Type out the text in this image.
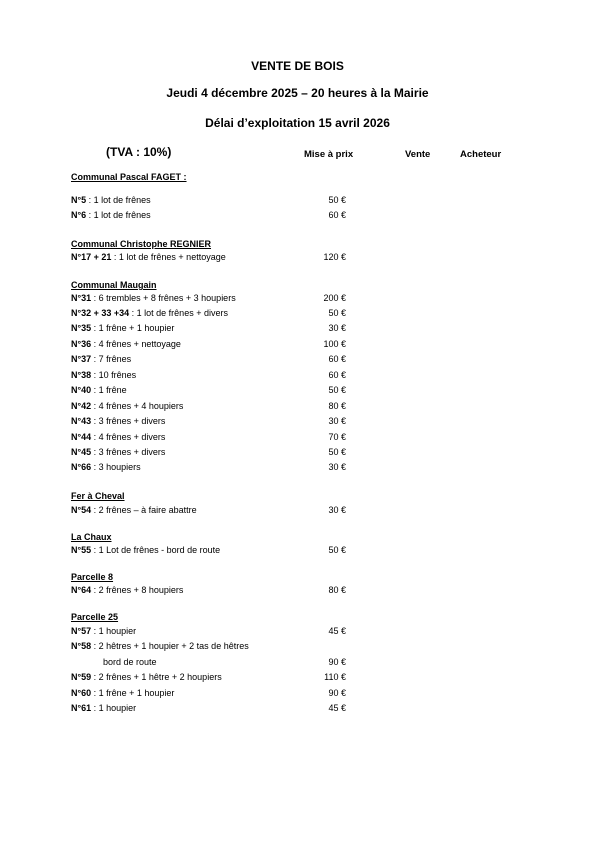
VENTE DE BOIS
Jeudi 4 décembre 2025 – 20 heures à la Mairie
Délai d’exploitation 15 avril 2026
(TVA : 10%)	Mise à prix	Vente	Acheteur
Communal Pascal FAGET :
N°5 : 1 lot de frênes	50 €
N°6 : 1 lot de frênes	60 €
Communal Christophe REGNIER
N°17 + 21 : 1 lot de frênes + nettoyage	120 €
Communal Maugain
N°31 : 6 trembles + 8 frênes + 3 houpiers	200 €
N°32 + 33 +34 : 1 lot de frênes + divers	50 €
N°35 : 1 frêne + 1 houpier	30 €
N°36 : 4 frênes + nettoyage	100 €
N°37 : 7 frênes	60 €
N°38 : 10 frênes	60 €
N°40 : 1 frêne	50 €
N°42 : 4 frênes + 4 houpiers	80 €
N°43 : 3 frênes + divers	30 €
N°44 : 4 frênes + divers	70 €
N°45 : 3 frênes + divers	50 €
N°66 : 3 houpiers	30 €
Fer à Cheval
N°54 : 2 frênes – à faire abattre	30 €
La Chaux
N°55 : 1 Lot de frênes - bord de route	50 €
Parcelle 8
N°64 : 2 frênes + 8 houpiers	80 €
Parcelle 25
N°57 : 1 houpier	45 €
N°58 : 2 hêtres + 1 houpier + 2 tas de hêtres
bord de route	90 €
N°59 : 2 frênes + 1 hêtre + 2 houpiers	110 €
N°60 : 1 frêne + 1 houpier	90 €
N°61 : 1 houpier	45 €
